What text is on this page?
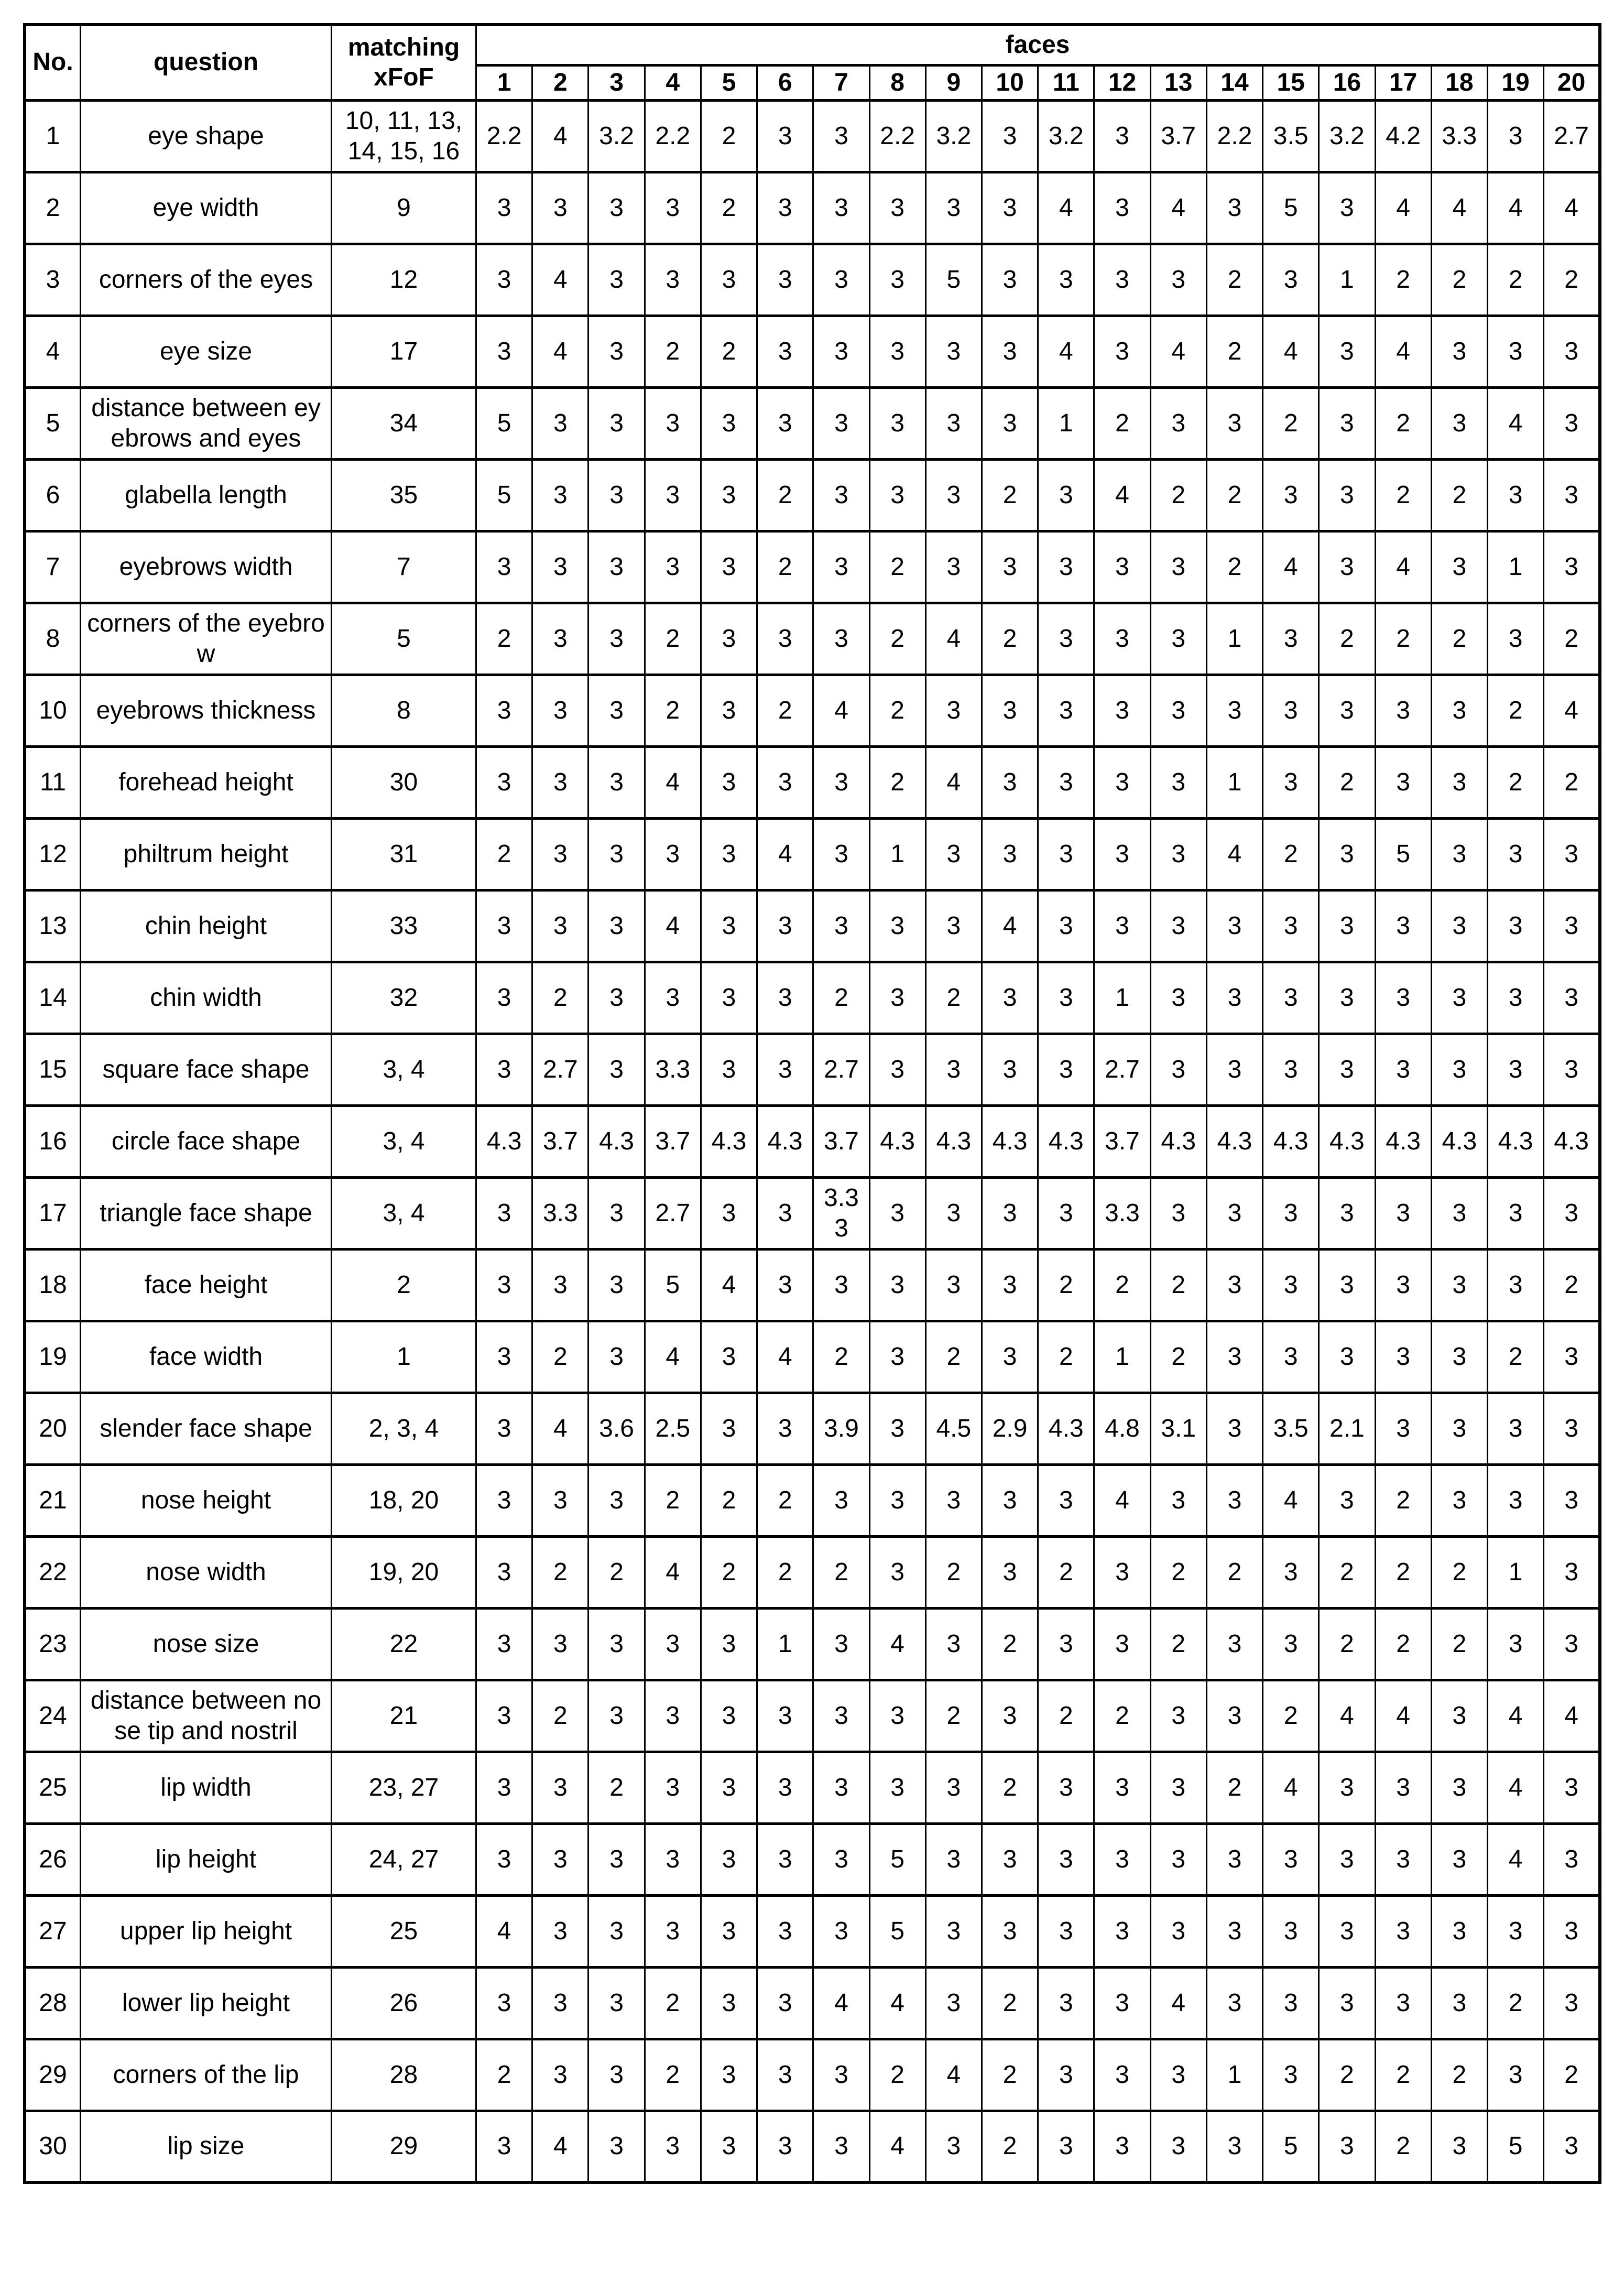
No.	question	matching xFoF	faces																			
			1	2	3	4	5	6	7	8	9	10	11	12	13	14	15	16	17	18	19	20
1	eye shape	10, 11, 13, 14, 15, 16	2.2	4	3.2	2.2	2	3	3	2.2	3.2	3	3.2	3	3.7	2.2	3.5	3.2	4.2	3.3	3	2.7
2	eye width	9	3	3	3	3	2	3	3	3	3	3	4	3	4	3	5	3	4	4	4	4
3	corners of the eyes	12	3	4	3	3	3	3	3	3	5	3	3	3	3	2	3	1	2	2	2	2
4	eye size	17	3	4	3	2	2	3	3	3	3	3	4	3	4	2	4	3	4	3	3	3
5	distance between eyebrows and eyes	34	5	3	3	3	3	3	3	3	3	3	1	2	3	3	2	3	2	3	4	3
6	glabella length	35	5	3	3	3	3	2	3	3	3	2	3	4	2	2	3	3	2	2	3	3
7	eyebrows width	7	3	3	3	3	3	2	3	2	3	3	3	3	3	2	4	3	4	3	1	3
8	corners of the eyebrow	5	2	3	3	2	3	3	3	2	4	2	3	3	3	1	3	2	2	2	3	2
10	eyebrows thickness	8	3	3	3	2	3	2	4	2	3	3	3	3	3	3	3	3	3	3	2	4
11	forehead height	30	3	3	3	4	3	3	3	2	4	3	3	3	3	1	3	2	3	3	2	2
12	philtrum height	31	2	3	3	3	3	4	3	1	3	3	3	3	3	4	2	3	5	3	3	3
13	chin height	33	3	3	3	4	3	3	3	3	3	4	3	3	3	3	3	3	3	3	3	3
14	chin width	32	3	2	3	3	3	3	2	3	2	3	3	1	3	3	3	3	3	3	3	3
15	square face shape	3, 4	3	2.7	3	3.3	3	3	2.7	3	3	3	3	2.7	3	3	3	3	3	3	3	3
16	circle face shape	3, 4	4.3	3.7	4.3	3.7	4.3	4.3	3.7	4.3	4.3	4.3	4.3	3.7	4.3	4.3	4.3	4.3	4.3	4.3	4.3	4.3
17	triangle face shape	3, 4	3	3.3	3	2.7	3	3	3.33	3	3	3	3	3.3	3	3	3	3	3	3	3	3
18	face height	2	3	3	3	5	4	3	3	3	3	3	2	2	2	3	3	3	3	3	3	2
19	face width	1	3	2	3	4	3	4	2	3	2	3	2	1	2	3	3	3	3	3	2	3
20	slender face shape	2, 3, 4	3	4	3.6	2.5	3	3	3.9	3	4.5	2.9	4.3	4.8	3.1	3	3.5	2.1	3	3	3	3
21	nose height	18, 20	3	3	3	2	2	2	3	3	3	3	3	4	3	3	4	3	2	3	3	3
22	nose width	19, 20	3	2	2	4	2	2	2	3	2	3	2	3	2	2	3	2	2	2	1	3
23	nose size	22	3	3	3	3	3	1	3	4	3	2	3	3	2	3	3	2	2	2	3	3
24	distance between nose tip and nostril	21	3	2	3	3	3	3	3	3	2	3	2	2	3	3	2	4	4	3	4	4
25	lip width	23, 27	3	3	2	3	3	3	3	3	3	2	3	3	3	2	4	3	3	3	4	3
26	lip height	24, 27	3	3	3	3	3	3	3	5	3	3	3	3	3	3	3	3	3	3	4	3
27	upper lip height	25	4	3	3	3	3	3	3	5	3	3	3	3	3	3	3	3	3	3	3	3
28	lower lip height	26	3	3	3	2	3	3	4	4	3	2	3	3	4	3	3	3	3	3	2	3
29	corners of the lip	28	2	3	3	2	3	3	3	2	4	2	3	3	3	1	3	2	2	2	3	2
30	lip size	29	3	4	3	3	3	3	3	4	3	2	3	3	3	3	5	3	2	3	5	3
